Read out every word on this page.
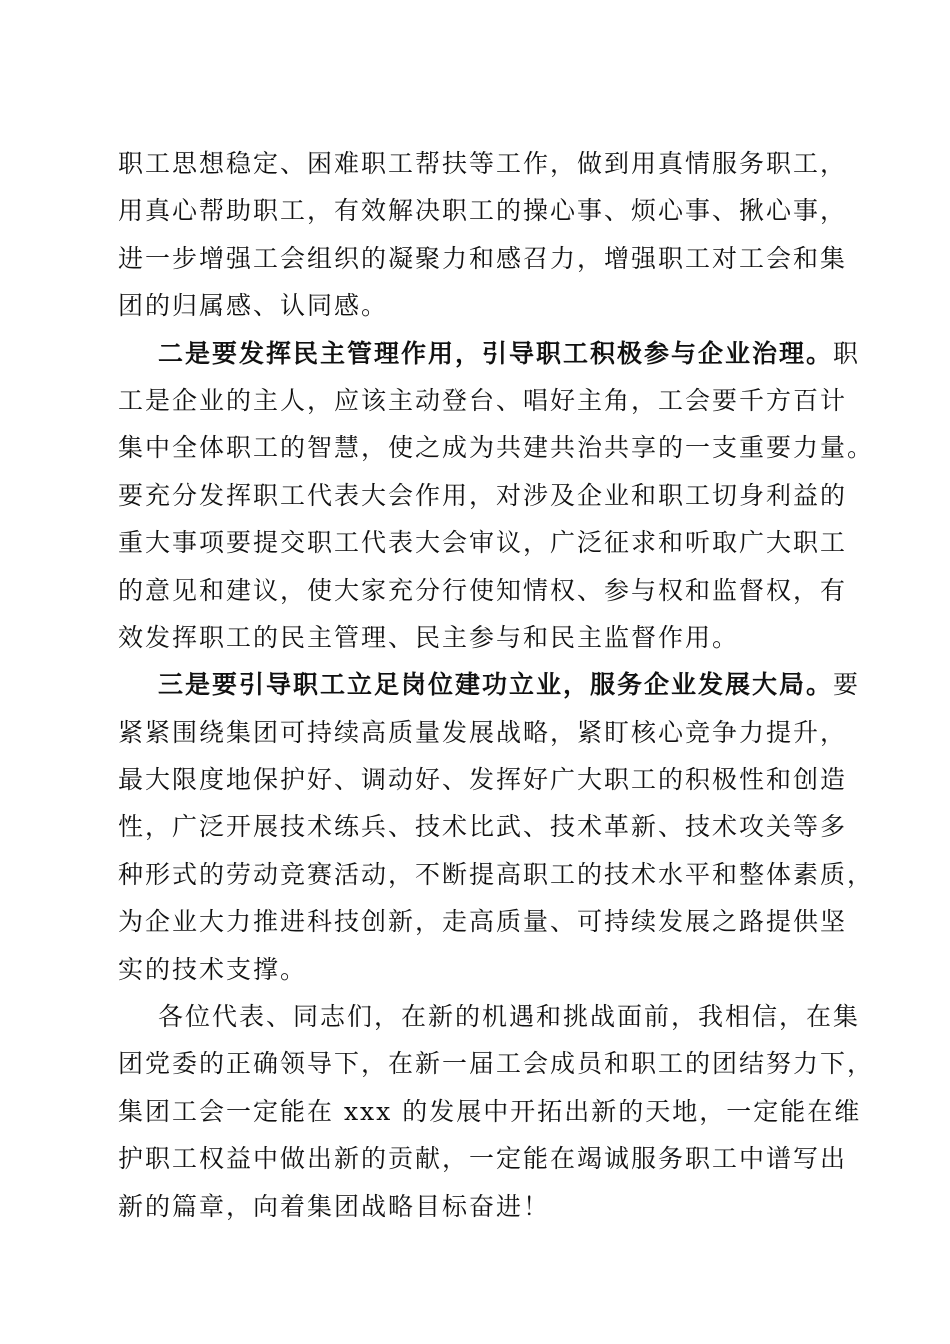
职工思想稳定、困难职工帮扶等工作，做到用真情服务职工，
用真心帮助职工，有效解决职工的操心事、烦心事、揪心事，
进一步增强工会组织的凝聚力和感召力，增强职工对工会和集
团的归属感、认同感。
二是要发挥民主管理作用，引导职工积极参与企业治理。职
工是企业的主人，应该主动登台、唱好主角，工会要千方百计
集中全体职工的智慧，使之成为共建共治共享的一支重要力量。
要充分发挥职工代表大会作用，对涉及企业和职工切身利益的
重大事项要提交职工代表大会审议，广泛征求和听取广大职工
的意见和建议，使大家充分行使知情权、参与权和监督权，有
效发挥职工的民主管理、民主参与和民主监督作用。
三是要引导职工立足岗位建功立业，服务企业发展大局。要
紧紧围绕集团可持续高质量发展战略，紧盯核心竞争力提升，
最大限度地保护好、调动好、发挥好广大职工的积极性和创造
性，广泛开展技术练兵、技术比武、技术革新、技术攻关等多
种形式的劳动竞赛活动，不断提高职工的技术水平和整体素质，
为企业大力推进科技创新，走高质量、可持续发展之路提供坚
实的技术支撑。
各位代表、同志们，在新的机遇和挑战面前，我相信，在集
团党委的正确领导下，在新一届工会成员和职工的团结努力下，
集团工会一定能在 xxx 的发展中开拓出新的天地，一定能在维
护职工权益中做出新的贡献，一定能在竭诚服务职工中谱写出
新的篇章，向着集团战略目标奋进！
